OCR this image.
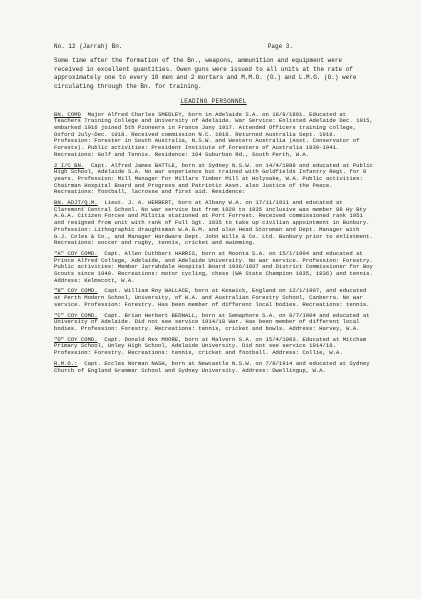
No. 12 (Jarrah) Bn.	Page 3.

Some time after the formation of the Bn., weapons, ammunition and equipment were received in excellent quantities. Owen guns were issued to all units at the rate of approximately one to every 10 men and 2 mortars and M.M.G. (G.) and L.M.G. (G.) were circulating through the Bn. for training.

LEADING PERSONNEL

BN. COMD Major Alfred Charles SMEDLEY, born in Adelaide S.A. on 18/8/1891. Educated at Teachers Training College and University of Adelaide. War Service: Enlisted Adelaide Dec. 1915, embarked 1916 joined 5th Pioneers in France Jany 1917. Attended Officers training college, Oxford July-Dec. 1918. Received commission N.C. 1918. Returned Australia Sept. 1919. Profession: Forester in South Australia, N.S.W. and Western Australia (Asst. Conservator of Forests). Public activities: President Institute of Foresters of Australia 1939-1941. Recreations: Golf and Tennis. Residence: 164 Suburban Rd., South Perth, W.A.

2 I/C BN. Capt. Alfred James BATTLE, born at Sydney N.S.W. on 14/4/1898 and educated at Public High School, Adelaide S.A. No war experience but trained with Goldfields Infantry Regt. for 8 years. Profession: Mill Manager for Millars Timber Mill at Holyoake, W.A. Public activities: Chairman Hospital Board and Progress and Patriotic Assn. also Justice of the Peace. Recreations: football, lacrosse and first aid. Residence:

BN. ADJT/Q.M. Lieut. J. A. HERBERT, born at Albany W.A. on 17/11/1911 and educated at Claremont Central School. No war service but from 1929 to 1935 inclusive was member 88 Hy Bty A.G.A. Citizen Forces and Militia stationed at Port Forrest. Received commissioned rank 1951 and resigned from unit with rank of Full Sgt. 1935 to take up civilian appointment in Bunbury. Profession: Lithographic draughtsman W.A.G.M. and also Head Storeman and Dept. Manager with G.J. Coles & Co., and Manager Hardware Dept. John Wills & Co. Ltd. Bunbury prior to enlistment. Recreations: soccer and rugby, tennis, cricket and swimming.

"A" COY COMD. Capt. Allen Cuthbert HARRIS, born at Moonta S.A. on 15/1/1904 and educated at Prince Alfred College, Adelaide, and Adelaide University. No war service. Profession: Forestry. Public activities: Member Jarrahdale Hospital Board 1936/1937 and District Commissioner for Boy Scouts since 1940. Recreations: motor cycling, chess (WA State Champion 1935, 1936) and tennis. Address: Kelmscott, W.A.

"B" COY COMD. Capt. William Roy WALLACE, born at Keswick, England on 12/1/1907, and educated at Perth Modern School, University, of W.A. and Australian Forestry School, Canberra. No war service. Profession: Forestry. Has been member of different local bodies. Recreations: tennis.

"C" COY COMD. Capt. Brian Herbert BEDNALL, born at Semaphore S.A. on 8/7/1904 and educated at University of Adelaide. Did not see service 1914/18 War. Has been member of different local bodies. Profession: Forestry. Recreations: tennis, cricket and bowls. Address: Harvey, W.A.

"D" COY COMD. Capt. Donald Rex MOORE, born at Malvern S.A. on 15/4/1903. Educated at Mitcham Primary School, Unley High School, Adelaide University. Did not see service 1914/18. Profession: Forestry. Recreations: tennis, cricket and football. Address: Collie, W.A.

R.M.O.: Capt. Eccles Norman NASH, born at Newcastle N.S.W. on 7/8/1914 and educated at Sydney Church of England Grammar School and Sydney University. Address: Dwellingup, W.A.
